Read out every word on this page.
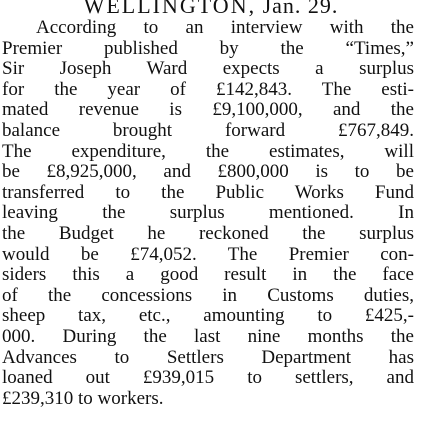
WELLINGTON, Jan. 29.
According to an interview with the
Premier published by the “Times,”
Sir Joseph Ward expects a surplus
for the year of £142,843. The esti-
mated revenue is £9,100,000, and the
balance brought forward £767,849.
The expenditure, the estimates, will
be £8,925,000, and £800,000 is to be
transferred to the Public Works Fund
leaving the surplus mentioned. In
the Budget he reckoned the surplus
would be £74,052. The Premier con-
siders this a good result in the face
of the concessions in Customs duties,
sheep tax, etc., amounting to £425,-
000. During the last nine months the
Advances to Settlers Department has
loaned out £939,015 to settlers, and
£239,310 to workers.
